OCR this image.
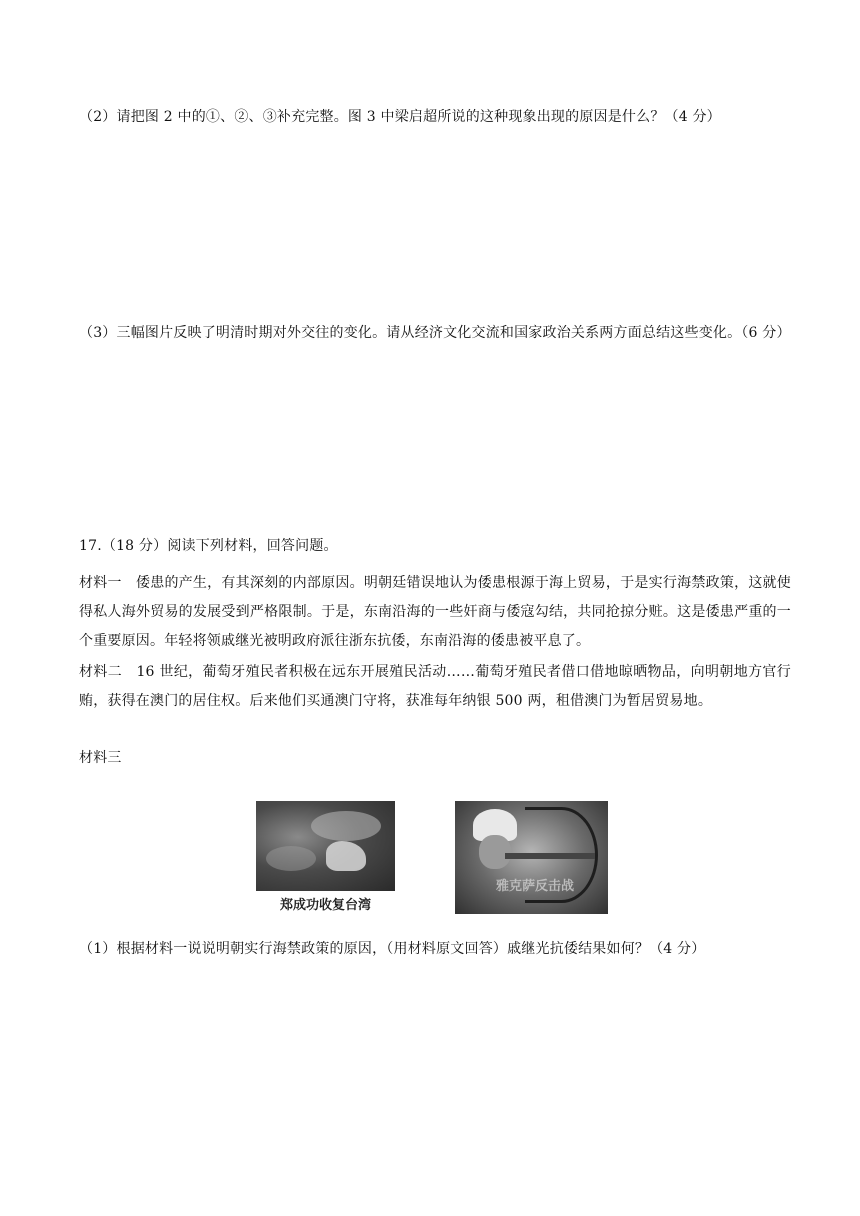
（2）请把图 2 中的①、②、③补充完整。图 3 中梁启超所说的这种现象出现的原因是什么？（4 分）
（3）三幅图片反映了明清时期对外交往的变化。请从经济文化交流和国家政治关系两方面总结这些变化。（6 分）
17.（18 分）阅读下列材料，回答问题。
材料一　倭患的产生，有其深刻的内部原因。明朝廷错误地认为倭患根源于海上贸易，于是实行海禁政策，这就使得私人海外贸易的发展受到严格限制。于是，东南沿海的一些奸商与倭寇勾结，共同抢掠分赃。这是倭患严重的一个重要原因。年轻将领戚继光被明政府派往浙东抗倭，东南沿海的倭患被平息了。
材料二　16 世纪，葡萄牙殖民者积极在远东开展殖民活动……葡萄牙殖民者借口借地晾晒物品，向明朝地方官行贿，获得在澳门的居住权。后来他们买通澳门守将，获准每年纳银 500 两，租借澳门为暂居贸易地。
材料三
郑成功收复台湾
雅克萨反击战
（1）根据材料一说说明朝实行海禁政策的原因，（用材料原文回答）戚继光抗倭结果如何？（4 分）
